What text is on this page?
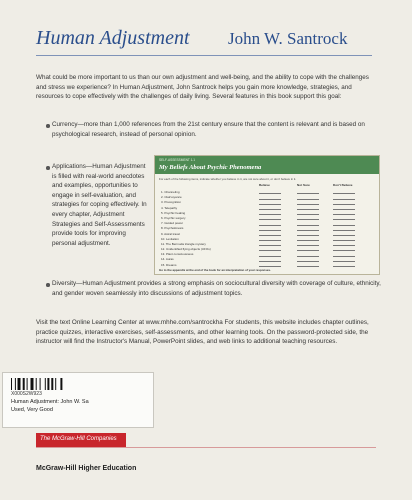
Human Adjustment John W. Santrock
What could be more important to us than our own adjustment and well-being, and the ability to cope with the challenges and stress we experience? In Human Adjustment, John Santrock helps you gain more knowledge, strategies, and resources to cope effectively with the challenges of daily living. Several features in this book support this goal:
Currency—more than 1,000 references from the 21st century ensure that the content is relevant and is based on psychological research, instead of personal opinion.
Applications—Human Adjustment is filled with real-world anecdotes and examples, opportunities to engage in self-evaluation, and strategies for coping effectively. In every chapter, Adjustment Strategies and Self-Assessments provide tools for improving personal adjustment.
SELF-ASSESSMENT 1.1
My Beliefs About Psychic Phenomena
For each of the following items, indicate whether you believe in it, are not sure about it, or don't believe in it.
Believe	Not Sure	Don't Believe
1. Channeling
2. Clairvoyance
3. Precognition
4. Telepathy
5. Psychic healing
6. Psychic surgery
7. Guided power
8. Psychokinesis
9. Astral travel
10. Levitation
11. The Bermuda triangle mystery
12. Unidentified flying objects (UFOs)
13. Plant consciousness
14. Auras
15. Dreams
Go to the appendix at the end of the book for an interpretation of your responses.
Diversity—Human Adjustment provides a strong emphasis on sociocultural diversity with coverage of culture, ethnicity, and gender woven seamlessly into discussions of adjustment topics.
Visit the text Online Learning Center at www.mhhe.com/santrockha For students, this website includes chapter outlines, practice quizzes, interactive exercises, self-assessments, and other learning tools. On the password-protected side, the instructor will find the Instructor's Manual, PowerPoint slides, and web links to additional teaching resources.
X000S2W923
Human Adjustment: John W. Sa
Used, Very Good
The McGraw-Hill Companies
McGraw-Hill Higher Education
